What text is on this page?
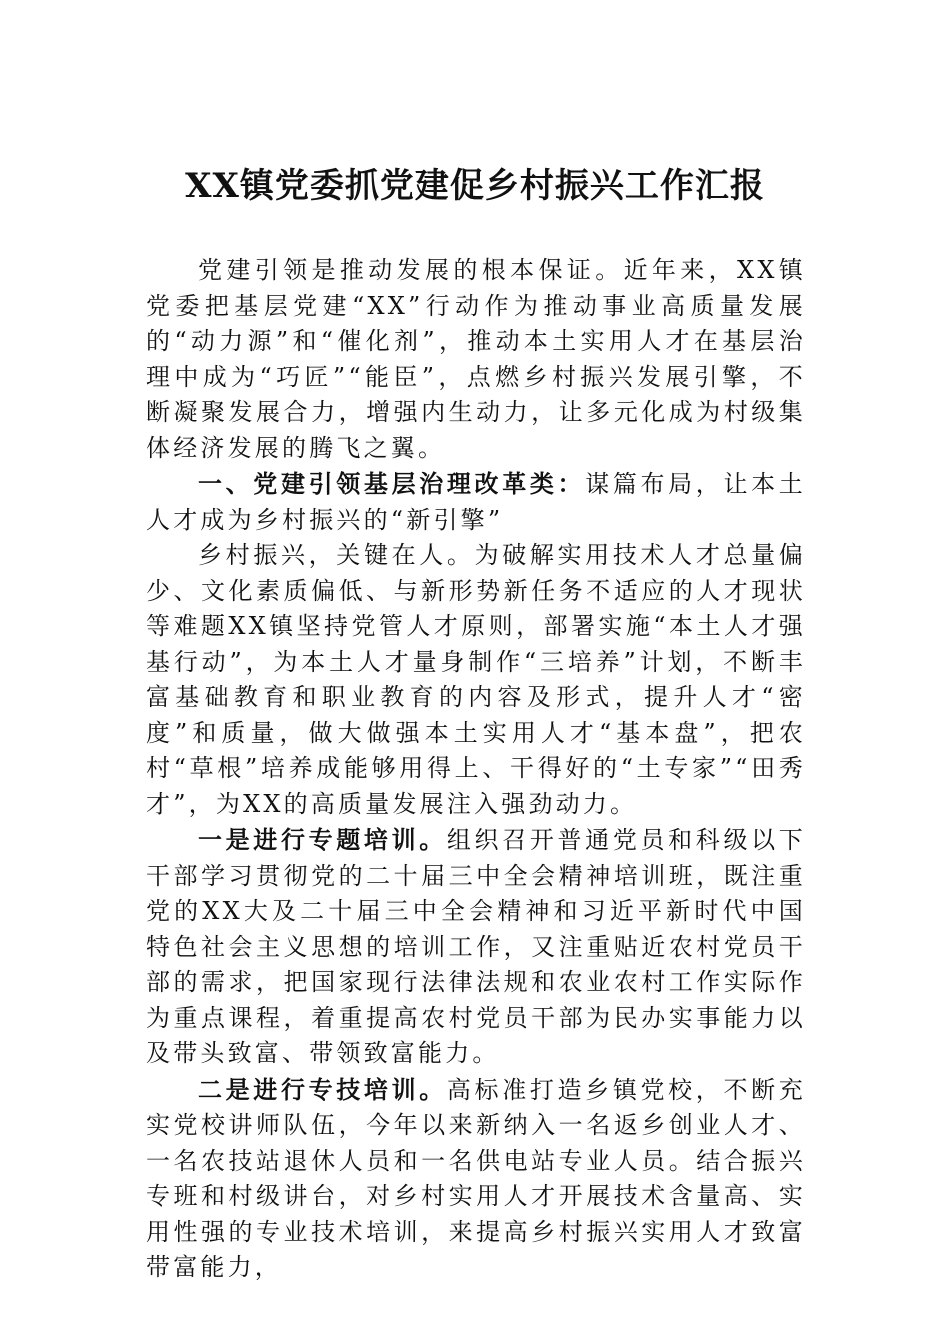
XX镇党委抓党建促乡村振兴工作汇报

党建引领是推动发展的根本保证。近年来，XX镇党委把基层党建“XX”行动作为推动事业高质量发展的“动力源”和“催化剂”，推动本土实用人才在基层治理中成为“巧匠”“能臣”，点燃乡村振兴发展引擎，不断凝聚发展合力，增强内生动力，让多元化成为村级集体经济发展的腾飞之翼。

一、党建引领基层治理改革类：谋篇布局，让本土人才成为乡村振兴的“新引擎”

乡村振兴，关键在人。为破解实用技术人才总量偏少、文化素质偏低、与新形势新任务不适应的人才现状等难题XX镇坚持党管人才原则，部署实施“本土人才强基行动”，为本土人才量身制作“三培养”计划，不断丰富基础教育和职业教育的内容及形式，提升人才“密度”和质量，做大做强本土实用人才“基本盘”，把农村“草根”培养成能够用得上、干得好的“土专家”“田秀才”，为XX的高质量发展注入强劲动力。

一是进行专题培训。组织召开普通党员和科级以下干部学习贯彻党的二十届三中全会精神培训班，既注重党的XX大及二十届三中全会精神和习近平新时代中国特色社会主义思想的培训工作，又注重贴近农村党员干部的需求，把国家现行法律法规和农业农村工作实际作为重点课程，着重提高农村党员干部为民办实事能力以及带头致富、带领致富能力。

二是进行专技培训。高标准打造乡镇党校，不断充实党校讲师队伍，今年以来新纳入一名返乡创业人才、一名农技站退休人员和一名供电站专业人员。结合振兴专班和村级讲台，对乡村实用人才开展技术含量高、实用性强的专业技术培训，来提高乡村振兴实用人才致富带富能力，
